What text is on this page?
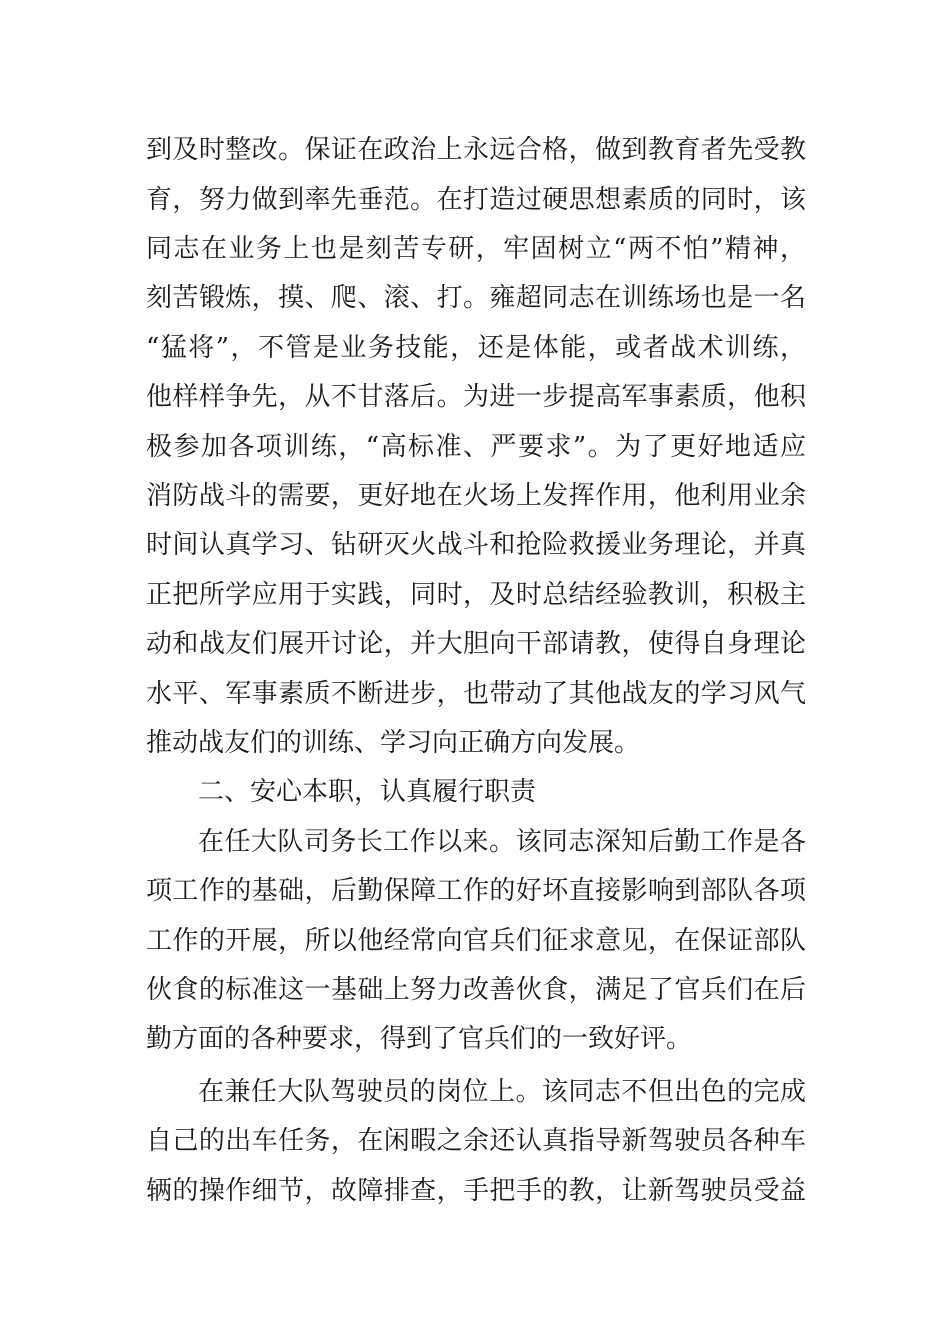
到及时整改。保证在政治上永远合格，做到教育者先受教
育，努力做到率先垂范。在打造过硬思想素质的同时，该
同志在业务上也是刻苦专研，牢固树立“两不怕”精神，
刻苦锻炼，摸、爬、滚、打。雍超同志在训练场也是一名
“猛将”，不管是业务技能，还是体能，或者战术训练，
他样样争先，从不甘落后。为进一步提高军事素质，他积
极参加各项训练，“高标准、严要求”。为了更好地适应
消防战斗的需要，更好地在火场上发挥作用，他利用业余
时间认真学习、钻研灭火战斗和抢险救援业务理论，并真
正把所学应用于实践，同时，及时总结经验教训，积极主
动和战友们展开讨论，并大胆向干部请教，使得自身理论
水平、军事素质不断进步，也带动了其他战友的学习风气
推动战友们的训练、学习向正确方向发展。
二、安心本职，认真履行职责
在任大队司务长工作以来。该同志深知后勤工作是各
项工作的基础，后勤保障工作的好坏直接影响到部队各项
工作的开展，所以他经常向官兵们征求意见，在保证部队
伙食的标准这一基础上努力改善伙食，满足了官兵们在后
勤方面的各种要求，得到了官兵们的一致好评。
在兼任大队驾驶员的岗位上。该同志不但出色的完成
自己的出车任务，在闲暇之余还认真指导新驾驶员各种车
辆的操作细节，故障排查，手把手的教，让新驾驶员受益
